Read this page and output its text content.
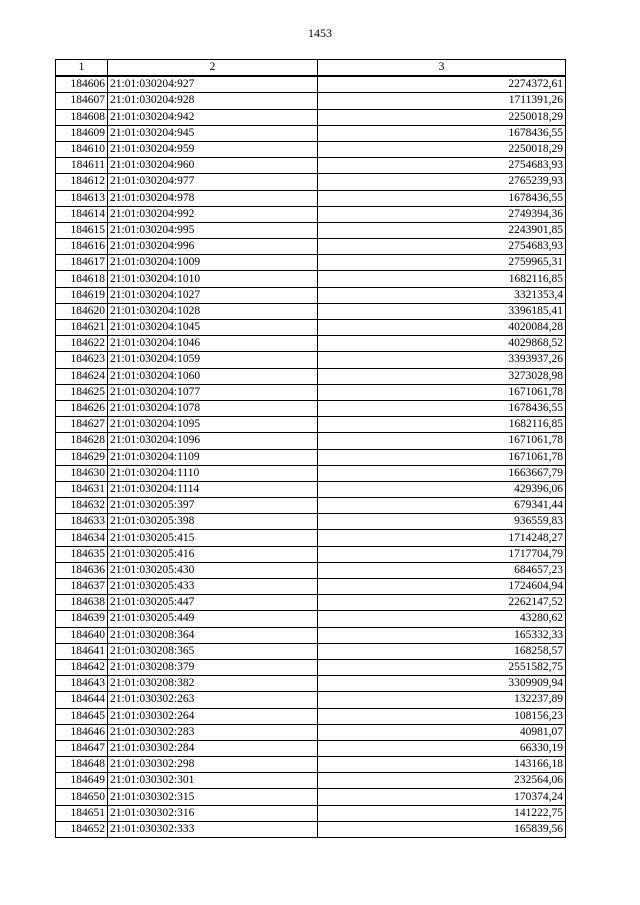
1453
1	2	3
184606	21:01:030204:927	2274372,61
184607	21:01:030204:928	1711391,26
184608	21:01:030204:942	2250018,29
184609	21:01:030204:945	1678436,55
184610	21:01:030204:959	2250018,29
184611	21:01:030204:960	2754683,93
184612	21:01:030204:977	2765239,93
184613	21:01:030204:978	1678436,55
184614	21:01:030204:992	2749394,36
184615	21:01:030204:995	2243901,85
184616	21:01:030204:996	2754683,93
184617	21:01:030204:1009	2759965,31
184618	21:01:030204:1010	1682116,85
184619	21:01:030204:1027	3321353,4
184620	21:01:030204:1028	3396185,41
184621	21:01:030204:1045	4020084,28
184622	21:01:030204:1046	4029868,52
184623	21:01:030204:1059	3393937,26
184624	21:01:030204:1060	3273028,98
184625	21:01:030204:1077	1671061,78
184626	21:01:030204:1078	1678436,55
184627	21:01:030204:1095	1682116,85
184628	21:01:030204:1096	1671061,78
184629	21:01:030204:1109	1671061,78
184630	21:01:030204:1110	1663667,79
184631	21:01:030204:1114	429396,06
184632	21:01:030205:397	679341,44
184633	21:01:030205:398	936559,83
184634	21:01:030205:415	1714248,27
184635	21:01:030205:416	1717704,79
184636	21:01:030205:430	684657,23
184637	21:01:030205:433	1724604,94
184638	21:01:030205:447	2262147,52
184639	21:01:030205:449	43280,62
184640	21:01:030208:364	165332,33
184641	21:01:030208:365	168258,57
184642	21:01:030208:379	2551582,75
184643	21:01:030208:382	3309909,94
184644	21:01:030302:263	132237,89
184645	21:01:030302:264	108156,23
184646	21:01:030302:283	40981,07
184647	21:01:030302:284	66330,19
184648	21:01:030302:298	143166,18
184649	21:01:030302:301	232564,06
184650	21:01:030302:315	170374,24
184651	21:01:030302:316	141222,75
184652	21:01:030302:333	165839,56
